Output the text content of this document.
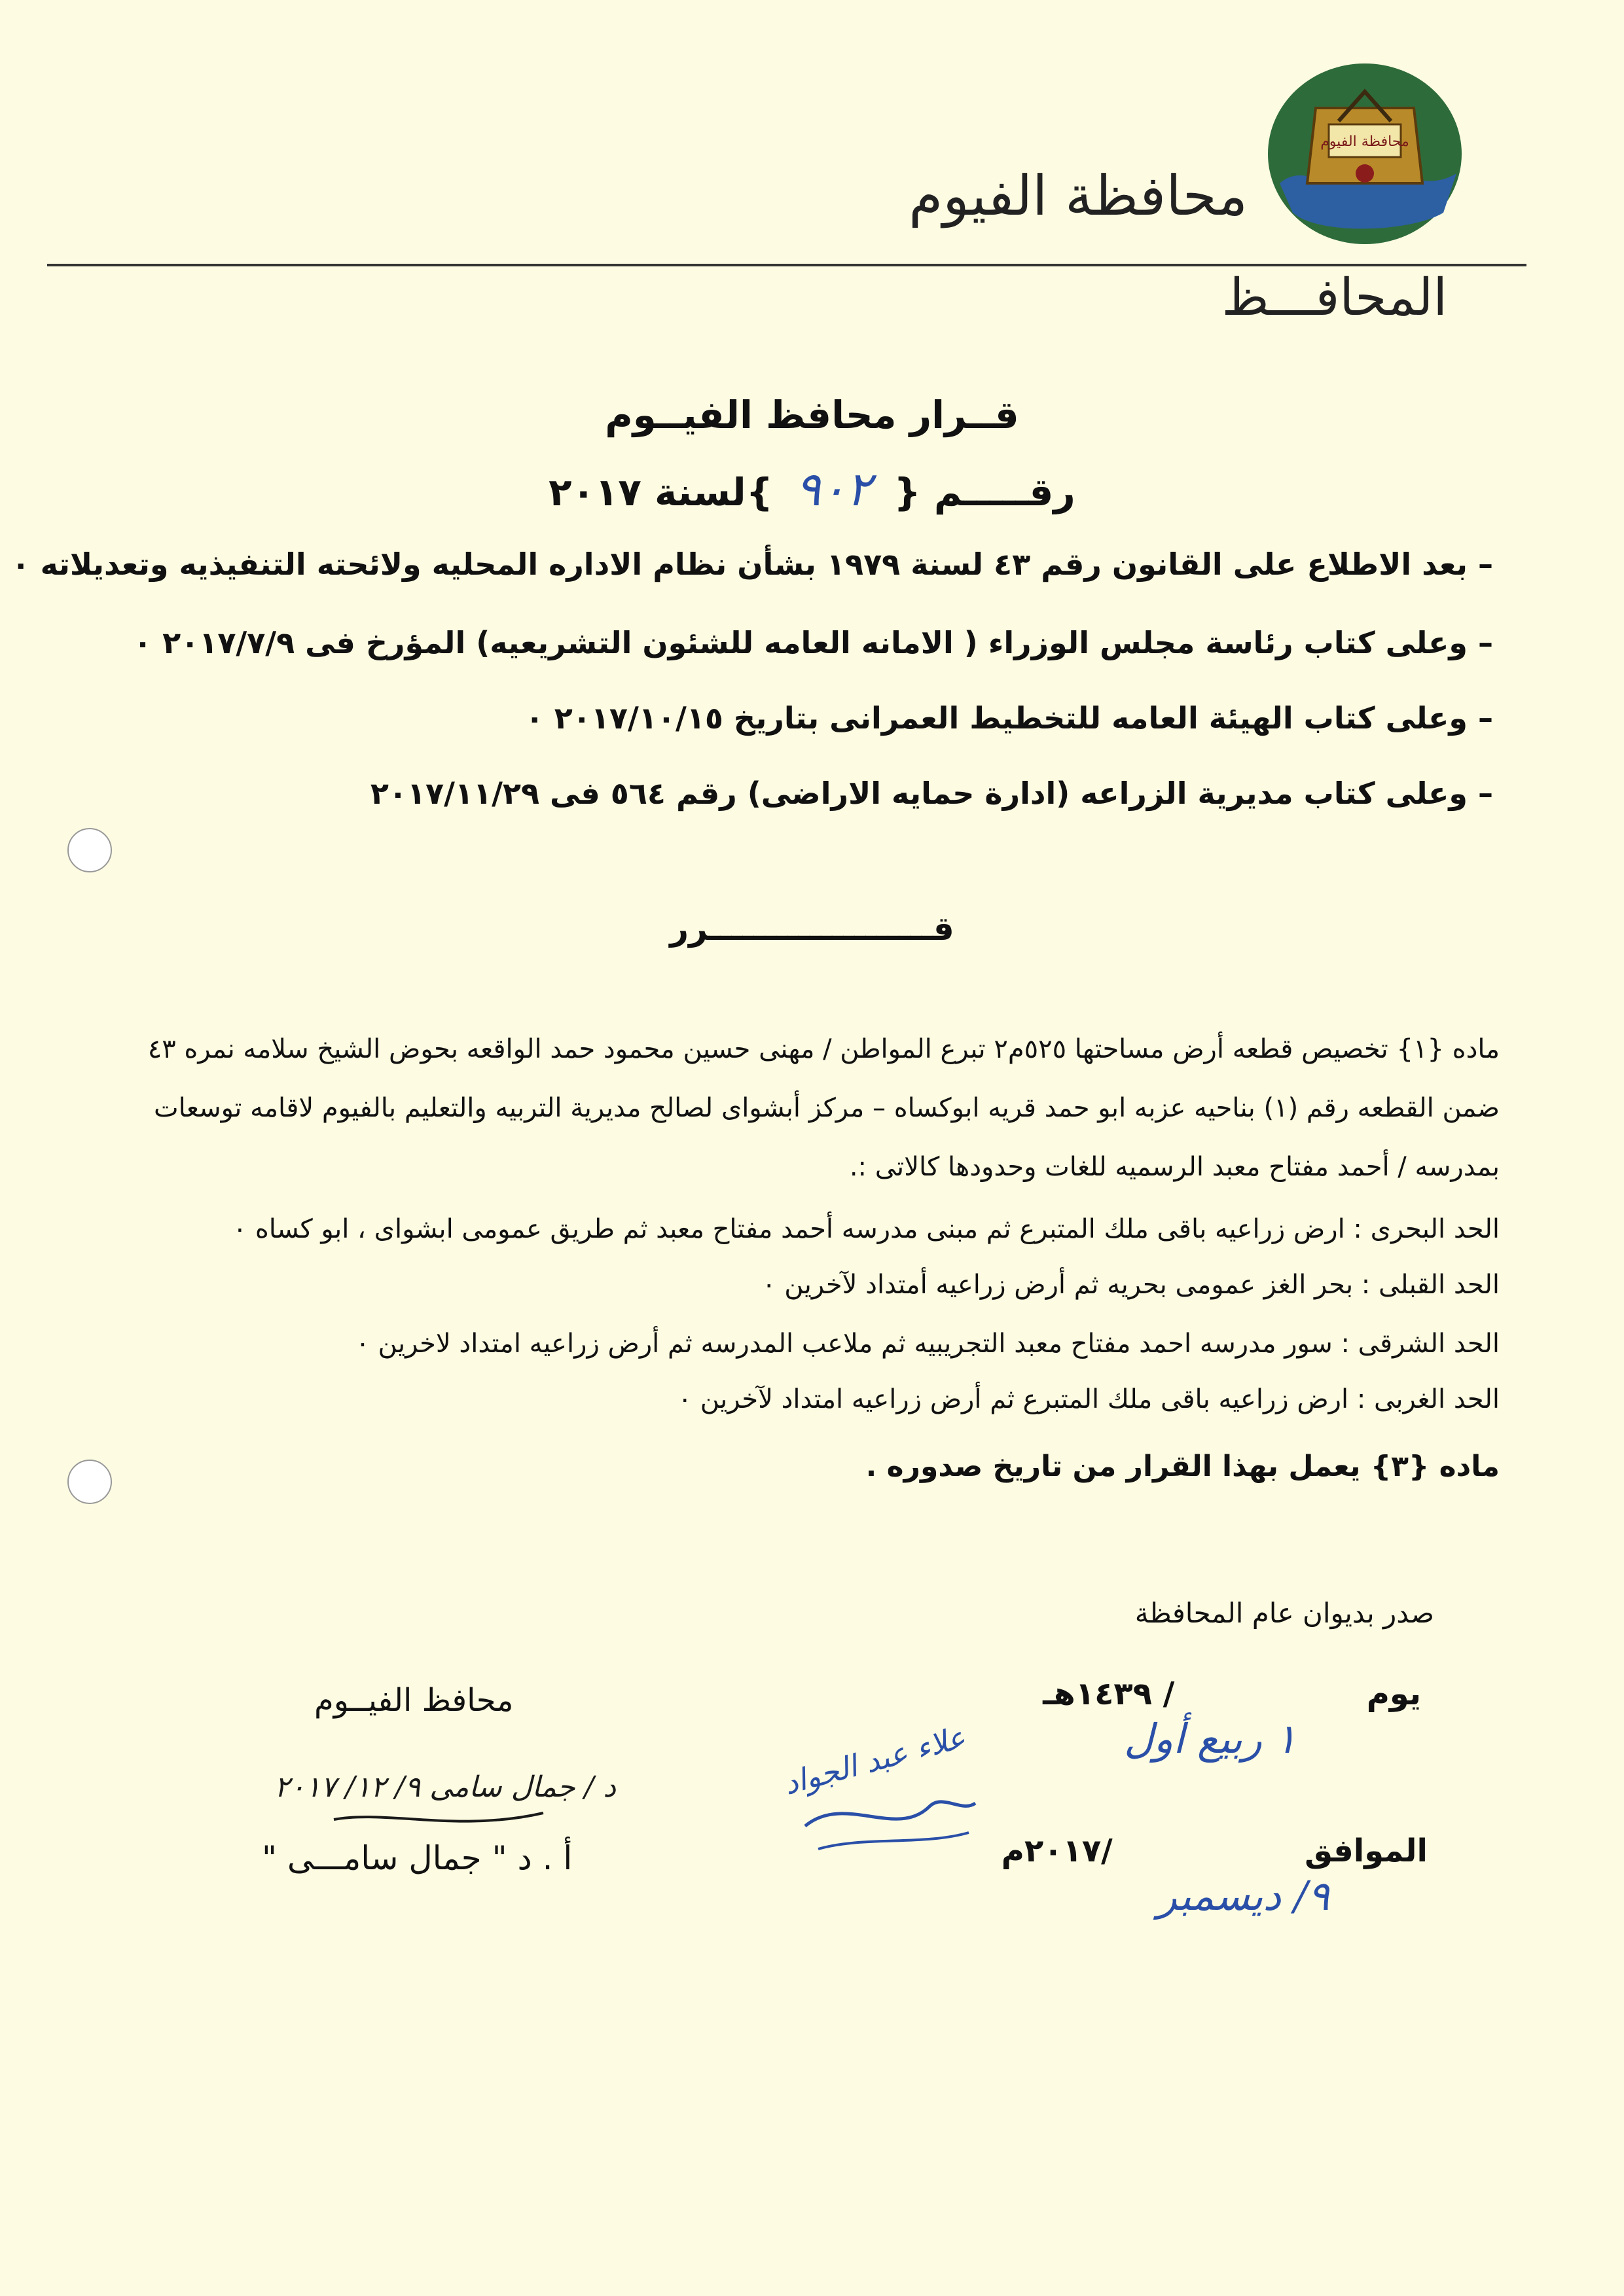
محافظة الفيوم
محافظة الفيوم
المحافـــظ
قــرار محافظ الفيــوم
رقـــــم { ٩٠٢ }لسنة ٢٠١٧
– بعد الاطلاع على القانون رقم ٤٣ لسنة ١٩٧٩ بشأن نظام الاداره المحليه ولائحته التنفيذيه وتعديلاته ٠
– وعلى كتاب رئاسة مجلس الوزراء ( الامانه العامه للشئون التشريعيه) المؤرخ فى ٢٠١٧/٧/٩ ٠
– وعلى كتاب الهيئة العامه للتخطيط العمرانى بتاريخ ٢٠١٧/١٠/١٥ ٠
– وعلى كتاب مديرية الزراعه (ادارة حمايه الاراضى) رقم ٥٦٤ فى ٢٠١٧/١١/٢٩
قــــــــــــــــــــرر
ماده {١} تخصيص قطعه أرض مساحتها ٥٢٥م٢ تبرع المواطن / مهنى حسين محمود حمد الواقعه بحوض الشيخ سلامه نمره ٤٣
ضمن القطعه رقم (١) بناحيه عزبه ابو حمد قريه ابوكساه – مركز أبشواى لصالح مديرية التربيه والتعليم بالفيوم لاقامه توسعات
بمدرسه / أحمد مفتاح معبد الرسميه للغات وحدودها كالاتى :.
الحد البحرى : ارض زراعيه باقى ملك المتبرع ثم مبنى مدرسه أحمد مفتاح معبد ثم طريق عمومى ابشواى ، ابو كساه ٠
الحد القبلى : بحر الغز عمومى بحريه ثم أرض زراعيه أمتداد لآخرين ٠
الحد الشرقى : سور مدرسه احمد مفتاح معبد التجريبيه ثم ملاعب المدرسه ثم أرض زراعيه امتداد لاخرين ٠
الحد الغربى : ارض زراعيه باقى ملك المتبرع ثم أرض زراعيه امتداد لآخرين ٠
ماده {٣} يعمل بهذا القرار من تاريخ صدوره .
صدر بديوان عام المحافظة
يوم  / ١٤٣٩هـ
١ ربيع أول
الموافق  /٢٠١٧م
٩/ ديسمبر
محافظ الفيــوم
د / جمال سامى ٩/ ١٢/ ٢٠١٧
أ . د " جمال سامـــى "
علاء عبد الجواد
